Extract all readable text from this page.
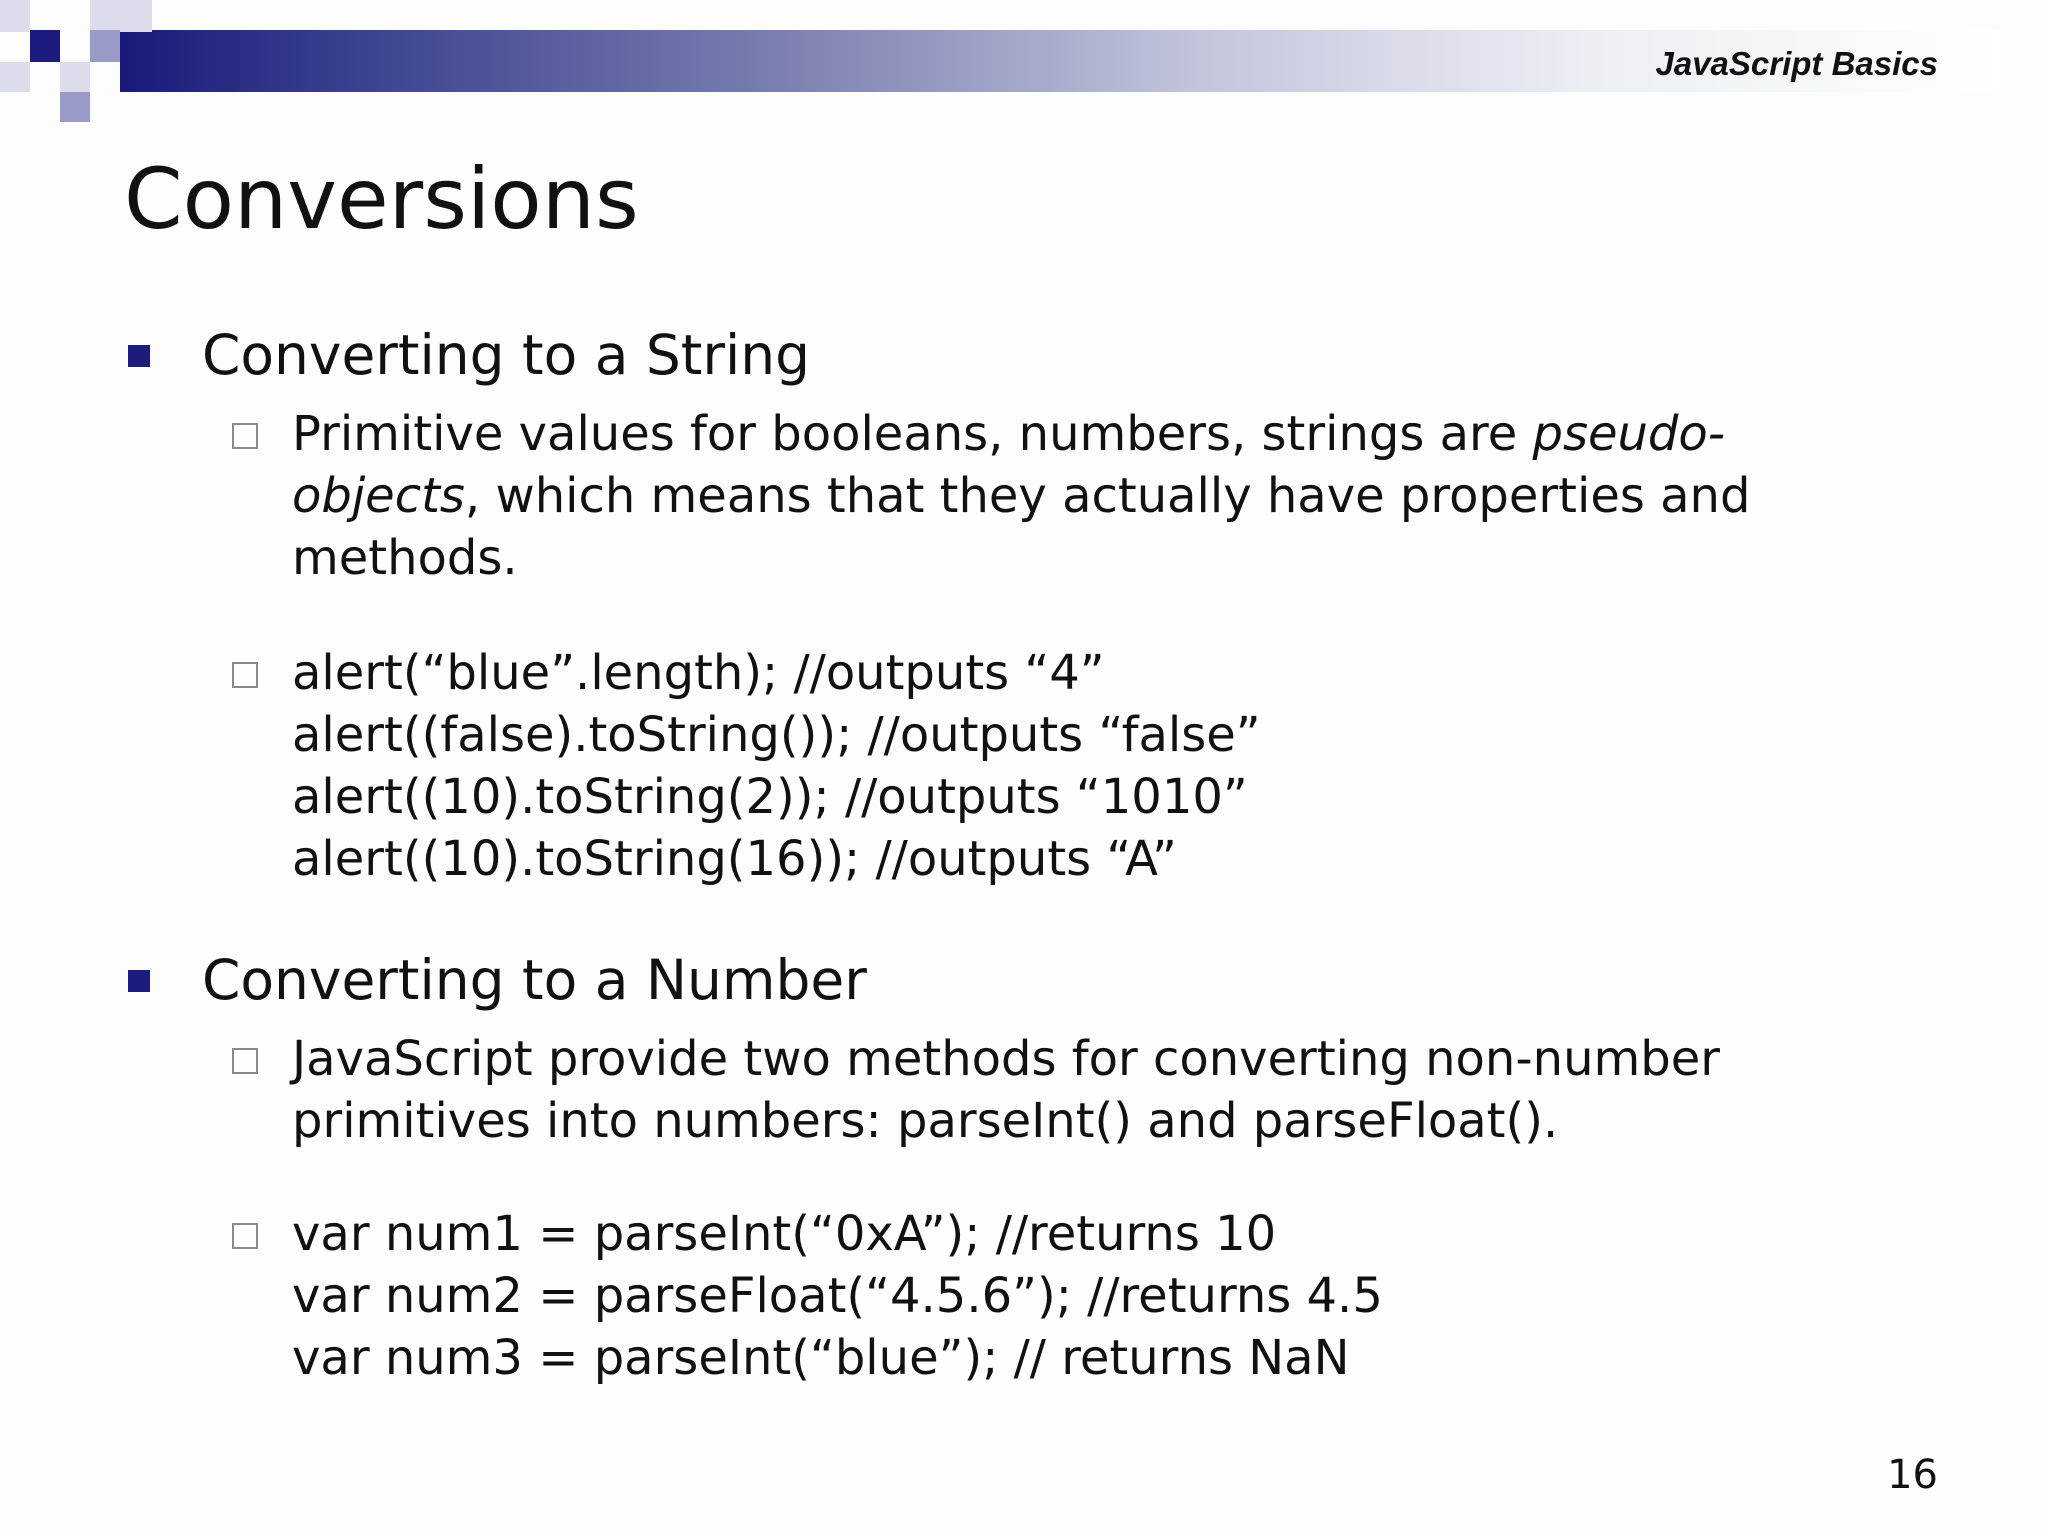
JavaScript Basics
Conversions
Converting to a String
Primitive values for booleans, numbers, strings are pseudo-
objects, which means that they actually have properties and
methods.
alert(“blue”.length); //outputs “4”
alert((false).toString()); //outputs “false”
alert((10).toString(2)); //outputs “1010”
alert((10).toString(16)); //outputs “A”
Converting to a Number
JavaScript provide two methods for converting non-number
primitives into numbers: parseInt() and parseFloat().
var num1 = parseInt(“0xA”); //returns 10
var num2 = parseFloat(“4.5.6”); //returns 4.5
var num3 = parseInt(“blue”); // returns NaN
16
